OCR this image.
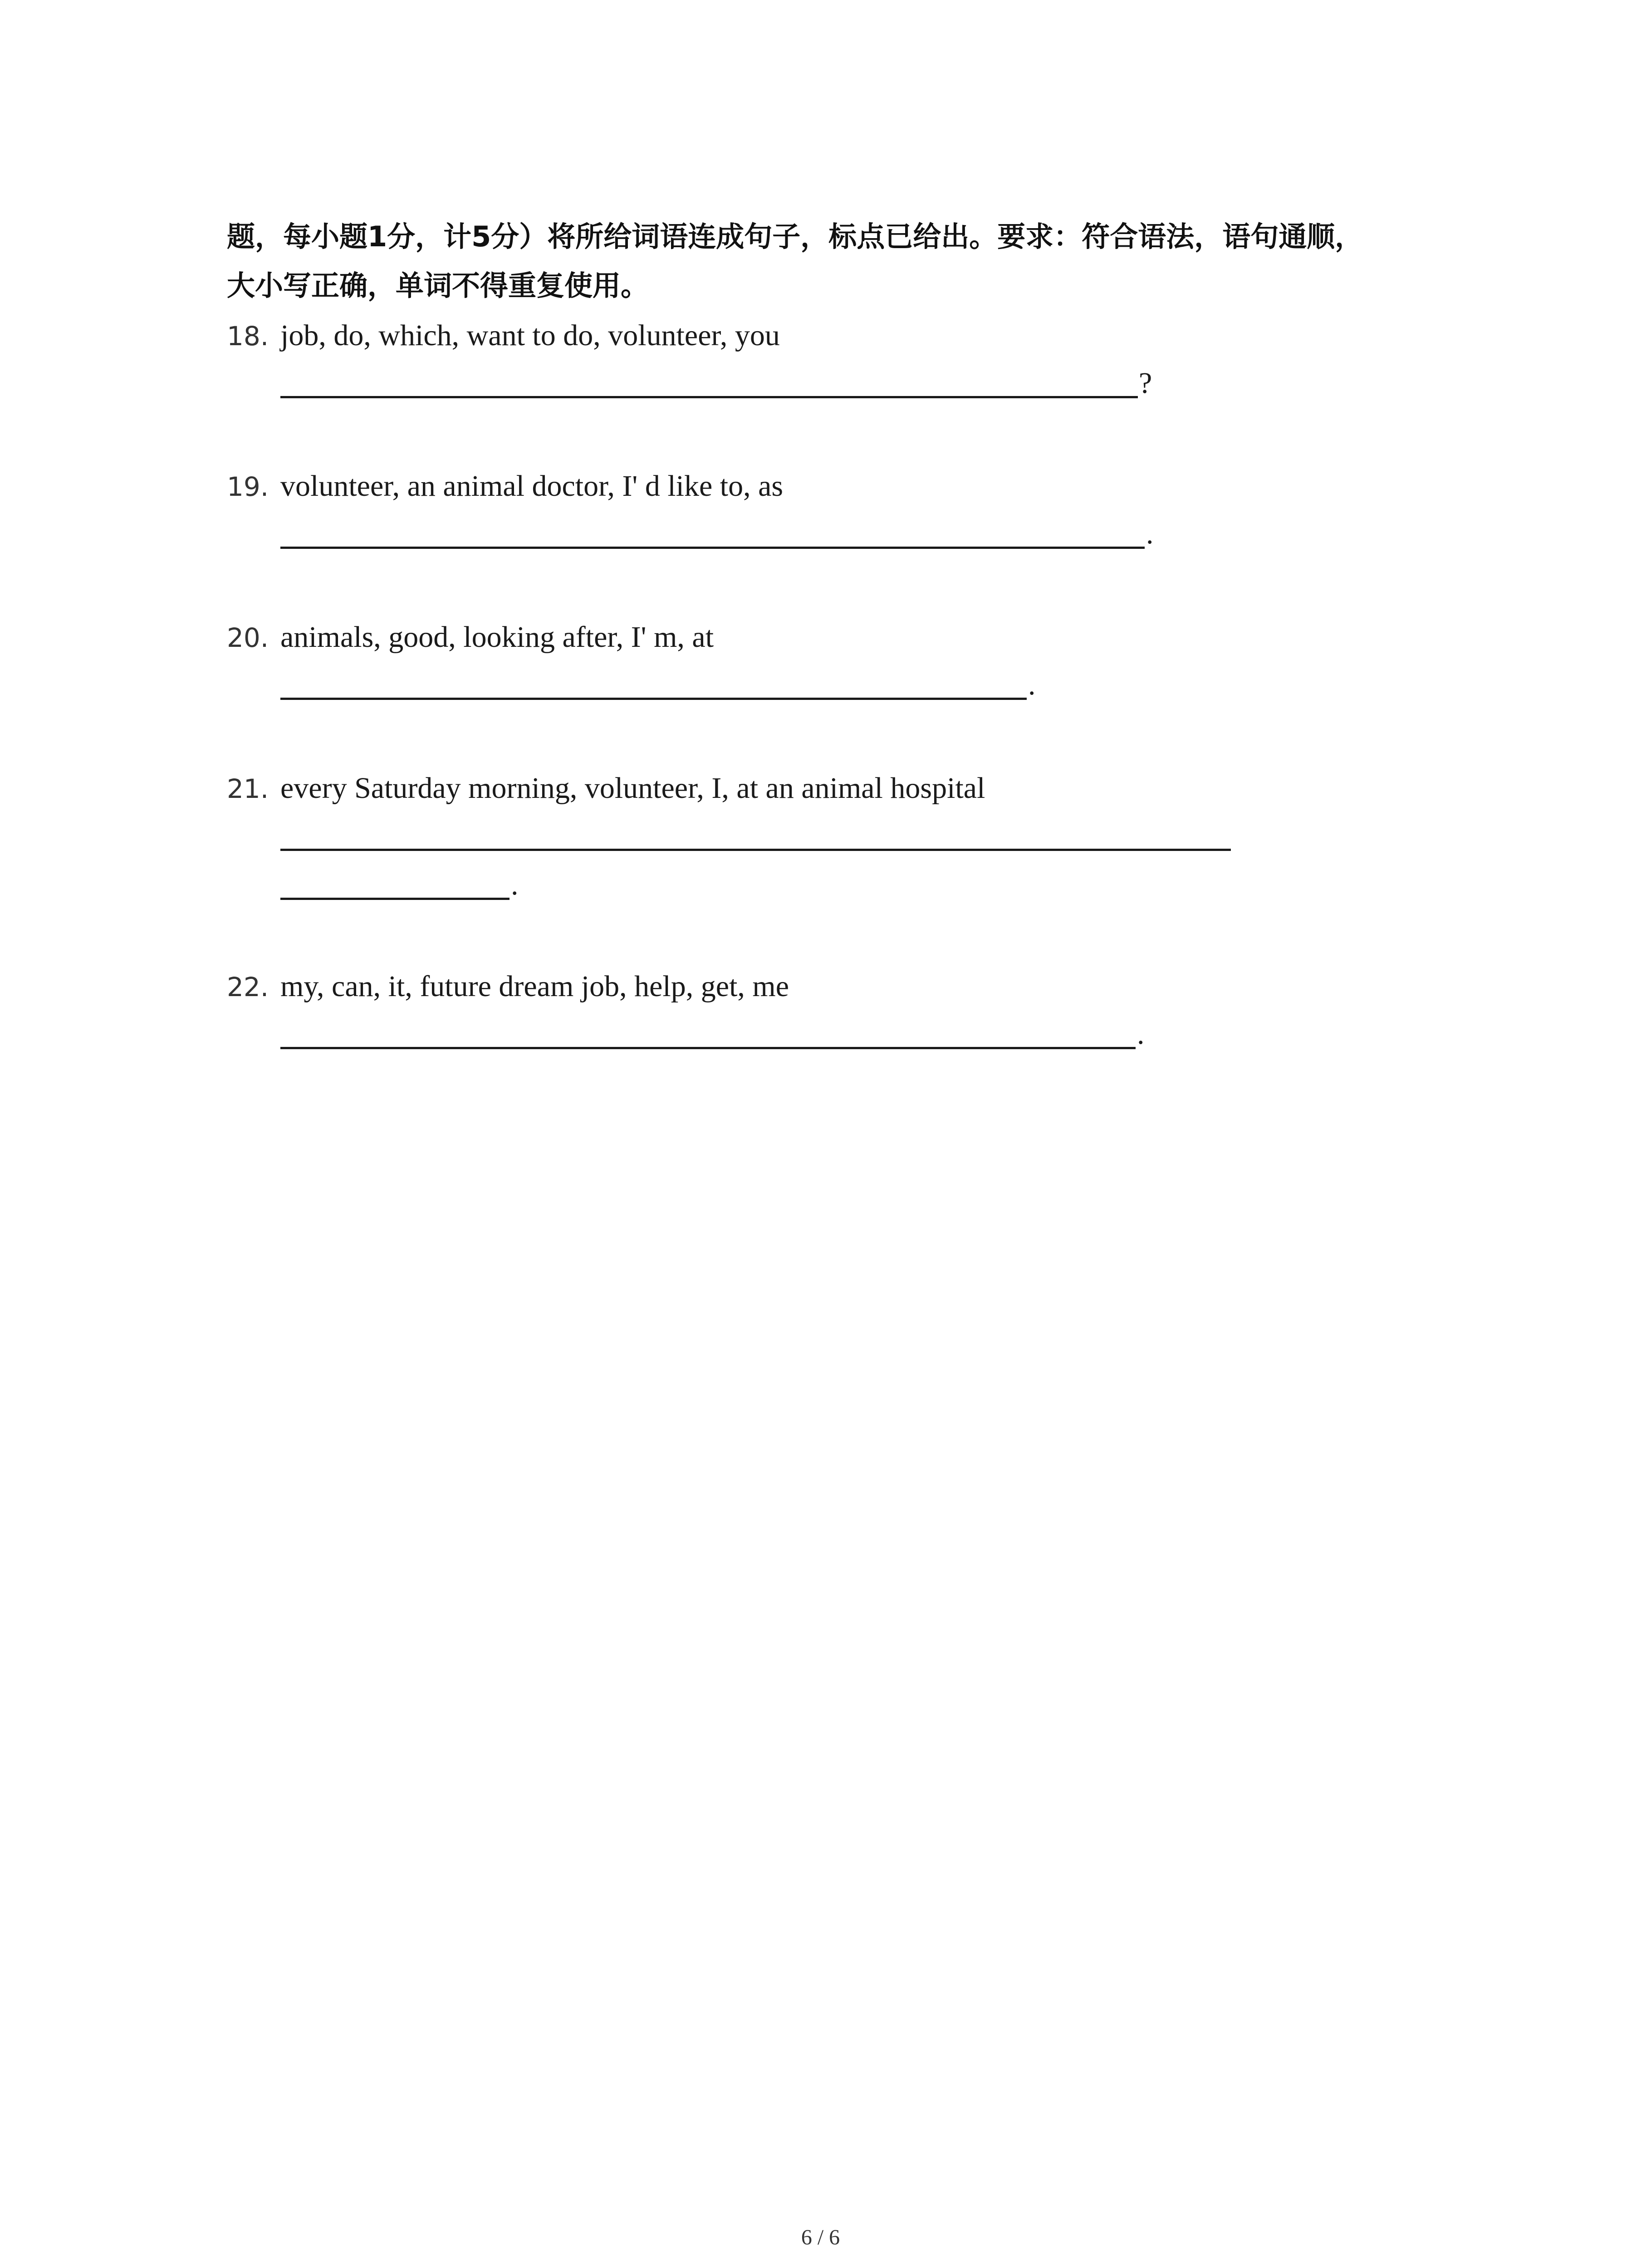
题，每小题1分，计5分）将所给词语连成句子，标点已给出。要求：符合语法，语句通顺，
大小写正确，单词不得重复使用。
18. job, do, which, want to do, volunteer, you
?
19. volunteer, an animal doctor, I' d like to, as
.
20. animals, good, looking after, I' m, at
.
21. every Saturday morning, volunteer, I, at an animal hospital
.
22. my, can, it, future dream job, help, get, me
.
6 / 6
